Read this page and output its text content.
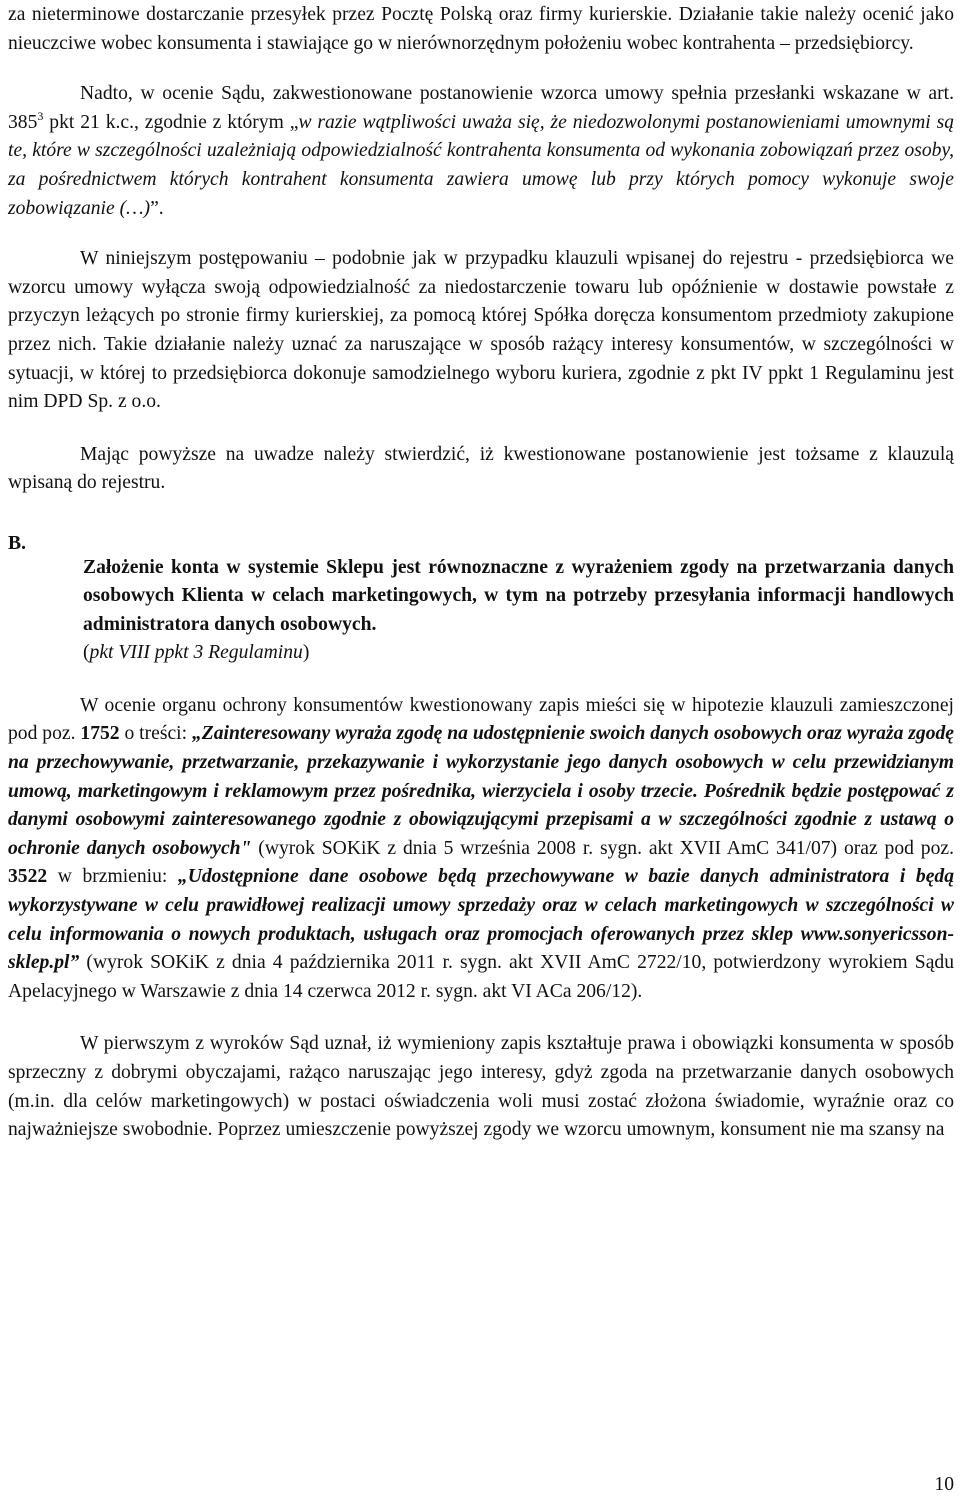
za nieterminowe dostarczanie przesyłek przez Pocztę Polską oraz firmy kurierskie. Działanie takie należy ocenić jako nieuczciwe wobec konsumenta i stawiające go w nierównorzędnym położeniu wobec kontrahenta – przedsiębiorcy.

Nadto, w ocenie Sądu, zakwestionowane postanowienie wzorca umowy spełnia przesłanki wskazane w art. $385^3$ pkt 21 k.c., zgodnie z którym „w razie wątpliwości uważa się, że niedozwolonymi postanowieniami umownymi są te, które w szczególności uzależniają odpowiedzialność kontrahenta konsumenta od wykonania zobowiązań przez osoby, za pośrednictwem których kontrahent konsumenta zawiera umowę lub przy których pomocy wykonuje swoje zobowiązanie (…)”.

W niniejszym postępowaniu – podobnie jak w przypadku klauzuli wpisanej do rejestru - przedsiębiorca we wzorcu umowy wyłącza swoją odpowiedzialność za niedostarczenie towaru lub opóźnienie w dostawie powstałe z przyczyn leżących po stronie firmy kurierskiej, za pomocą której Spółka doręcza konsumentom przedmioty zakupione przez nich. Takie działanie należy uznać za naruszające w sposób rażący interesy konsumentów, w szczególności w sytuacji, w której to przedsiębiorca dokonuje samodzielnego wyboru kuriera, zgodnie z pkt IV ppkt 1 Regulaminu jest nim DPD Sp. z o.o.

Mając powyższe na uwadze należy stwierdzić, iż kwestionowane postanowienie jest tożsame z klauzulą wpisaną do rejestru.

B.

Założenie konta w systemie Sklepu jest równoznaczne z wyrażeniem zgody na przetwarzania danych osobowych Klienta w celach marketingowych, w tym na potrzeby przesyłania informacji handlowych administratora danych osobowych.

(pkt VIII ppkt 3 Regulaminu)

W ocenie organu ochrony konsumentów kwestionowany zapis mieści się w hipotezie klauzuli zamieszczonej pod poz. 1752 o treści: „Zainteresowany wyraża zgodę na udostępnienie swoich danych osobowych oraz wyraża zgodę na przechowywanie, przetwarzanie, przekazywanie i wykorzystanie jego danych osobowych w celu przewidzianym umową, marketingowym i reklamowym przez pośrednika, wierzyciela i osoby trzecie. Pośrednik będzie postępować z danymi osobowymi zainteresowanego zgodnie z obowiązującymi przepisami a w szczególności zgodnie z ustawą o ochronie danych osobowych" (wyrok SOKiK z dnia 5 września 2008 r. sygn. akt XVII AmC 341/07) oraz pod poz. 3522 w brzmieniu: „Udostępnione dane osobowe będą przechowywane w bazie danych administratora i będą wykorzystywane w celu prawidłowej realizacji umowy sprzedaży oraz w celach marketingowych w szczególności w celu informowania o nowych produktach, usługach oraz promocjach oferowanych przez sklep www.sonyericsson-sklep.pl” (wyrok SOKiK z dnia 4 października 2011 r. sygn. akt XVII AmC 2722/10, potwierdzony wyrokiem Sądu Apelacyjnego w Warszawie z dnia 14 czerwca 2012 r. sygn. akt VI ACa 206/12).

W pierwszym z wyroków Sąd uznał, iż wymieniony zapis kształtuje prawa i obowiązki konsumenta w sposób sprzeczny z dobrymi obyczajami, rażąco naruszając jego interesy, gdyż zgoda na przetwarzanie danych osobowych (m.in. dla celów marketingowych) w postaci oświadczenia woli musi zostać złożona świadomie, wyraźnie oraz co najważniejsze swobodnie. Poprzez umieszczenie powyższej zgody we wzorcu umownym, konsument nie ma szansy na

10
